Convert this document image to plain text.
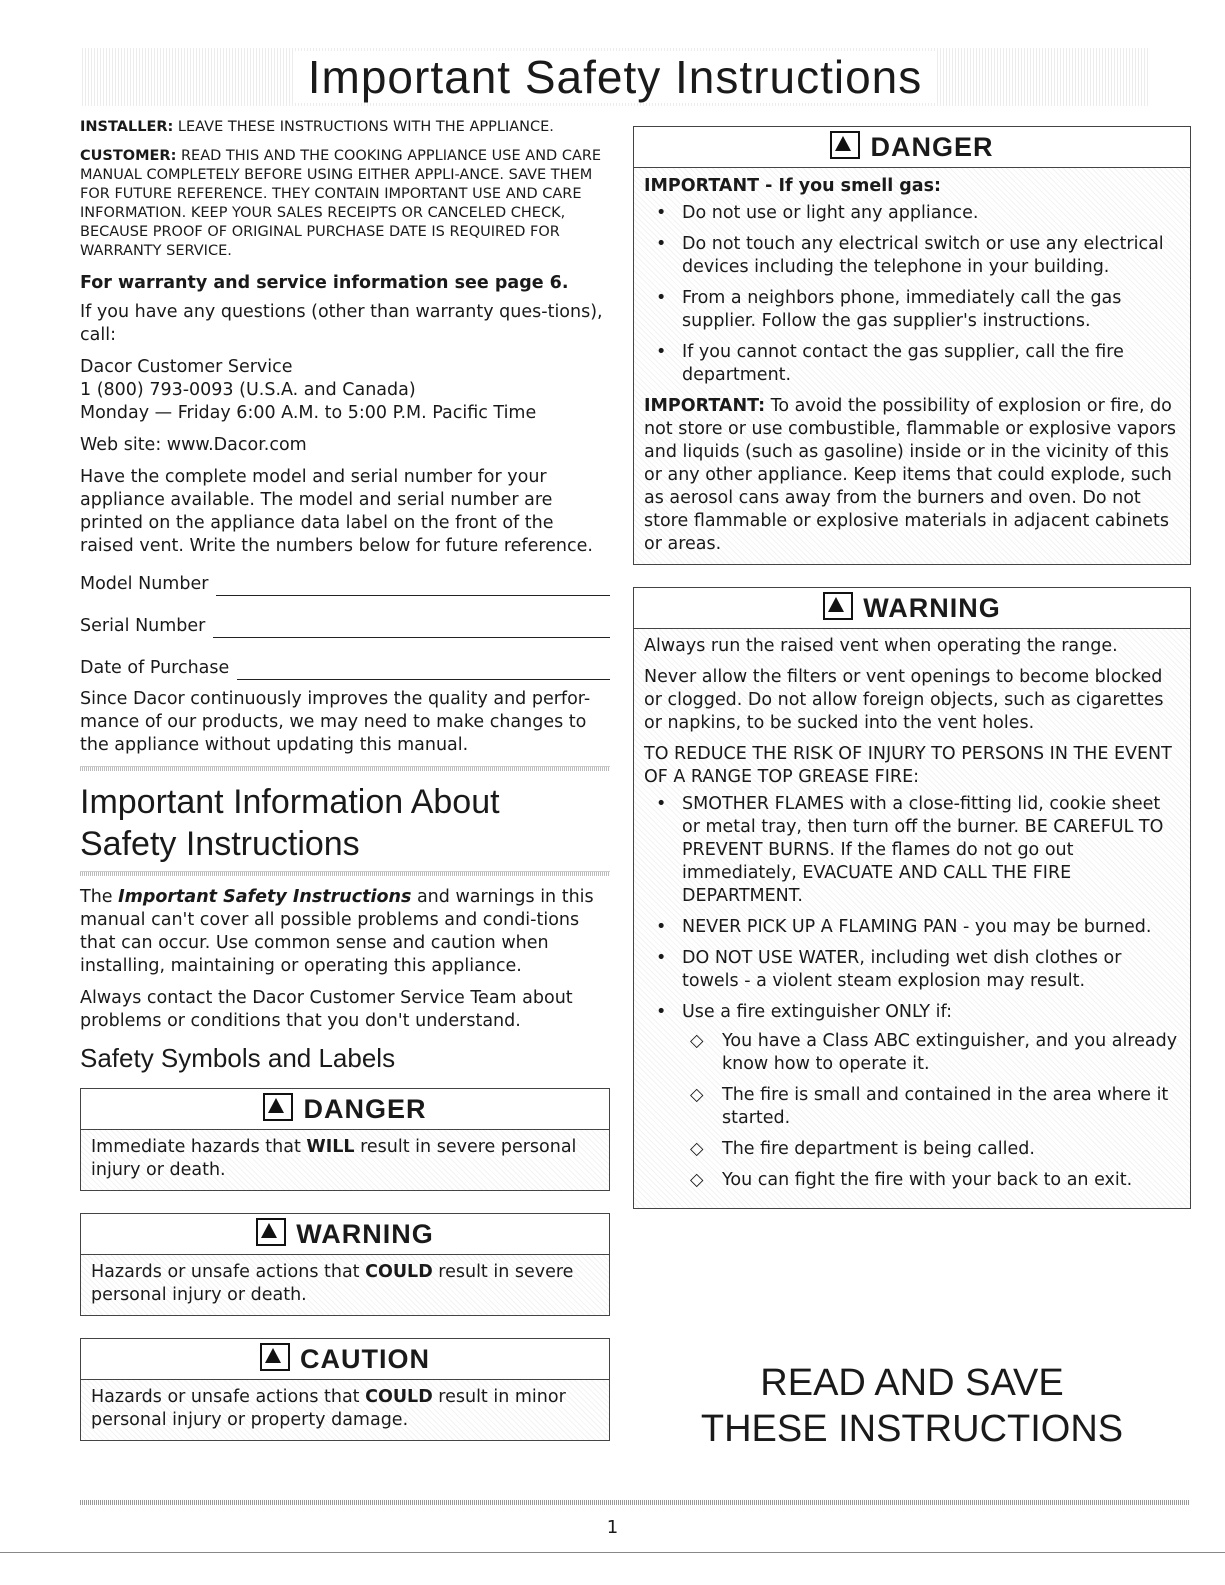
Important Safety Instructions

INSTALLER: LEAVE THESE INSTRUCTIONS WITH THE APPLIANCE.

CUSTOMER: READ THIS AND THE COOKING APPLIANCE USE AND CARE MANUAL COMPLETELY BEFORE USING EITHER APPLI-ANCE. SAVE THEM FOR FUTURE REFERENCE. THEY CONTAIN IMPORTANT USE AND CARE INFORMATION. KEEP YOUR SALES RECEIPTS OR CANCELED CHECK, BECAUSE PROOF OF ORIGINAL PURCHASE DATE IS REQUIRED FOR WARRANTY SERVICE.

For warranty and service information see page 6.

If you have any questions (other than warranty ques-tions), call:

Dacor Customer Service

1 (800) 793-0093 (U.S.A. and Canada)

Monday — Friday 6:00 A.M. to 5:00 P.M. Pacific Time

Web site: www.Dacor.com

Have the complete model and serial number for your appliance available. The model and serial number are printed on the appliance data label on the front of the raised vent. Write the numbers below for future reference.

Model Number
Serial Number
Date of Purchase

Since Dacor continuously improves the quality and perfor-mance of our products, we may need to make changes to the appliance without updating this manual.

Important Information About
Safety Instructions

The Important Safety Instructions and warnings in this manual can't cover all possible problems and condi-tions that can occur. Use common sense and caution when installing, maintaining or operating this appliance.

Always contact the Dacor Customer Service Team about problems or conditions that you don't understand.

Safety Symbols and Labels
DANGER
Immediate hazards that WILL result in severe personal injury or death.
WARNING
Hazards or unsafe actions that COULD result in severe personal injury or death.
CAUTION
Hazards or unsafe actions that COULD result in minor personal injury or property damage.
DANGER

IMPORTANT - If you smell gas:

• Do not use or light any appliance.
• Do not touch any electrical switch or use any electrical devices including the telephone in your building.
• From a neighbors phone, immediately call the gas supplier. Follow the gas supplier's instructions.
• If you cannot contact the gas supplier, call the fire department.

IMPORTANT: To avoid the possibility of explosion or fire, do not store or use combustible, flammable or explosive vapors and liquids (such as gasoline) inside or in the vicinity of this or any other appliance. Keep items that could explode, such as aerosol cans away from the burners and oven. Do not store flammable or explosive materials in adjacent cabinets or areas.

WARNING

Always run the raised vent when operating the range.

Never allow the filters or vent openings to become blocked or clogged. Do not allow foreign objects, such as cigarettes or napkins, to be sucked into the vent holes.

TO REDUCE THE RISK OF INJURY TO PERSONS IN THE EVENT OF A RANGE TOP GREASE FIRE:

• SMOTHER FLAMES with a close-fitting lid, cookie sheet or metal tray, then turn off the burner. BE CAREFUL TO PREVENT BURNS. If the flames do not go out immediately, EVACUATE AND CALL THE FIRE DEPARTMENT.
• NEVER PICK UP A FLAMING PAN - you may be burned.
• DO NOT USE WATER, including wet dish clothes or towels - a violent steam explosion may result.
• Use a fire extinguisher ONLY if:
◇ You have a Class ABC extinguisher, and you already know how to operate it.
◇ The fire is small and contained in the area where it started.
◇ The fire department is being called.
◇ You can fight the fire with your back to an exit.
READ AND SAVE
THESE INSTRUCTIONS
1
